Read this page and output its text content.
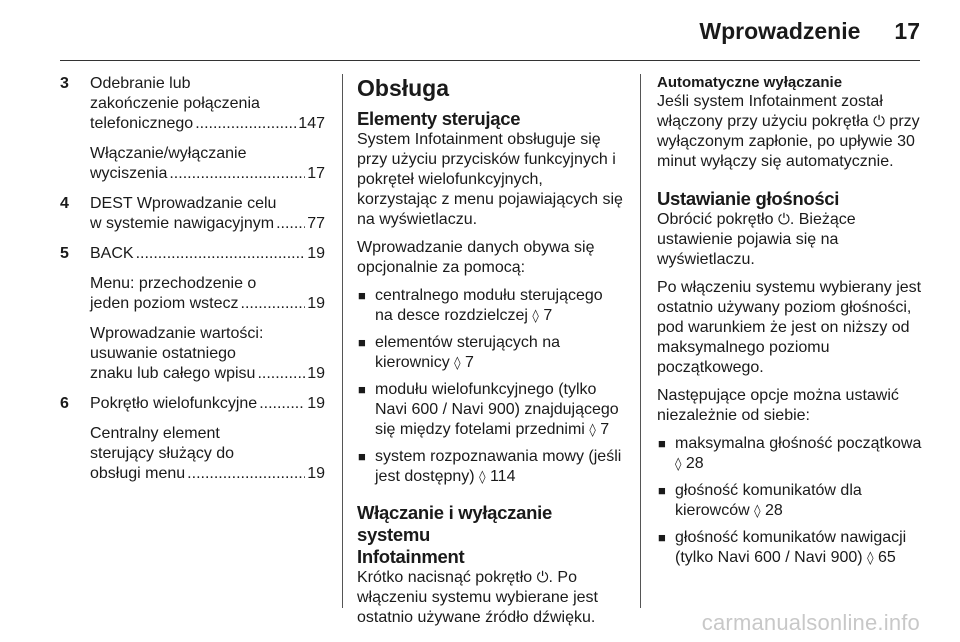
Wprowadzenie 17
3 Odebranie lub
zakończenie połączenia
telefonicznego .....	147
Włączanie/wyłączanie
wyciszenia .....	17
4 DEST Wprowadzanie celu
w systemie nawigacyjnym ..... 77
5 BACK .....	19
Menu: przechodzenie o
jeden poziom wstecz .....	19
Wprowadzanie wartości:
usuwanie ostatniego
znaku lub całego wpisu .....	19
6 Pokrętło wielofunkcyjne .....	19
Centralny element
sterujący służący do
obsługi menu .....	19
Obsługa
Elementy sterujące

System Infotainment obsługuje się przy użyciu przycisków funkcyjnych i pokręteł wielofunkcyjnych, korzystając z menu pojawiających się na wyświetlaczu.

Wprowadzanie danych obywa się opcjonalnie za pomocą:

■ centralnego modułu sterującego na desce rozdzielczej ◊ 7
■ elementów sterujących na kierownicy ◊ 7
■ modułu wielofunkcyjnego (tylko Navi 600 / Navi 900) znajdującego się między fotelami przednimi ◊ 7
■ system rozpoznawania mowy (jeśli jest dostępny) ◊ 114
Włączanie i wyłączanie systemu
Infotainment

Krótko nacisnąć pokrętło ⏻. Po włączeniu systemu wybierane jest ostatnio używane źródło dźwięku.

Automatyczne wyłączanie

Jeśli system Infotainment został włączony przy użyciu pokrętła ⏻ przy wyłączonym zapłonie, po upływie 30 minut wyłączy się automatycznie.

Ustawianie głośności

Obrócić pokrętło ⏻. Bieżące ustawienie pojawia się na wyświetlaczu.

Po włączeniu systemu wybierany jest ostatnio używany poziom głośności, pod warunkiem że jest on niższy od maksymalnego poziomu początkowego.

Następujące opcje można ustawić niezależnie od siebie:

■ maksymalna głośność początkowa ◊ 28
■ głośność komunikatów dla kierowców ◊ 28
■ głośność komunikatów nawigacji (tylko Navi 600 / Navi 900) ◊ 65
carmanualsonline.info
